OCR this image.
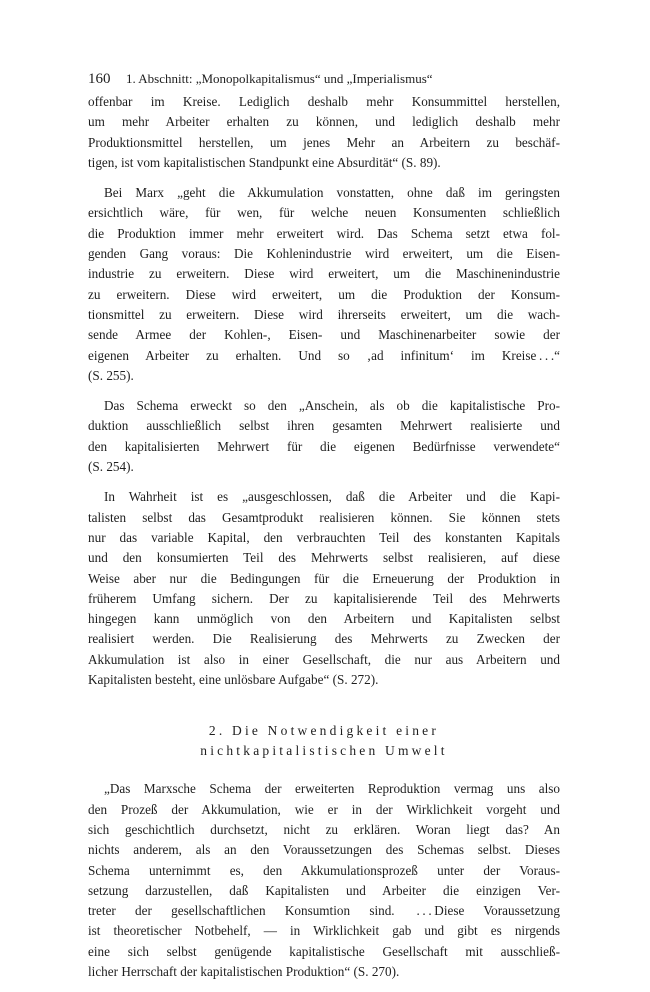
160 1. Abschnitt: „Monopolkapitalismus“ und „Imperialismus“
offenbar im Kreise. Lediglich deshalb mehr Konsummittel herstellen,
um mehr Arbeiter erhalten zu können, und lediglich deshalb mehr
Produktionsmittel herstellen, um jenes Mehr an Arbeitern zu beschäf-
tigen, ist vom kapitalistischen Standpunkt eine Absurdität“ (S. 89).
Bei Marx „geht die Akkumulation vonstatten, ohne daß im geringsten
ersichtlich wäre, für wen, für welche neuen Konsumenten schließlich
die Produktion immer mehr erweitert wird. Das Schema setzt etwa fol-
genden Gang voraus: Die Kohlenindustrie wird erweitert, um die Eisen-
industrie zu erweitern. Diese wird erweitert, um die Maschinenindustrie
zu erweitern. Diese wird erweitert, um die Produktion der Konsum-
tionsmittel zu erweitern. Diese wird ihrerseits erweitert, um die wach-
sende Armee der Kohlen-, Eisen- und Maschinenarbeiter sowie der
eigenen Arbeiter zu erhalten. Und so ‚ad infinitum‘ im Kreise . . .“
(S. 255).
Das Schema erweckt so den „Anschein, als ob die kapitalistische Pro-
duktion ausschließlich selbst ihren gesamten Mehrwert realisierte und
den kapitalisierten Mehrwert für die eigenen Bedürfnisse verwendete“
(S. 254).
In Wahrheit ist es „ausgeschlossen, daß die Arbeiter und die Kapi-
talisten selbst das Gesamtprodukt realisieren können. Sie können stets
nur das variable Kapital, den verbrauchten Teil des konstanten Kapitals
und den konsumierten Teil des Mehrwerts selbst realisieren, auf diese
Weise aber nur die Bedingungen für die Erneuerung der Produktion in
früherem Umfang sichern. Der zu kapitalisierende Teil des Mehrwerts
hingegen kann unmöglich von den Arbeitern und Kapitalisten selbst
realisiert werden. Die Realisierung des Mehrwerts zu Zwecken der
Akkumulation ist also in einer Gesellschaft, die nur aus Arbeitern und
Kapitalisten besteht, eine unlösbare Aufgabe“ (S. 272).
2. Die Notwendigkeit einer
nichtkapitalistischen Umwelt
„Das Marxsche Schema der erweiterten Reproduktion vermag uns also
den Prozeß der Akkumulation, wie er in der Wirklichkeit vorgeht und
sich geschichtlich durchsetzt, nicht zu erklären. Woran liegt das? An
nichts anderem, als an den Voraussetzungen des Schemas selbst. Dieses
Schema unternimmt es, den Akkumulationsprozeß unter der Voraus-
setzung darzustellen, daß Kapitalisten und Arbeiter die einzigen Ver-
treter der gesellschaftlichen Konsumtion sind.  . . . Diese Voraussetzung
ist theoretischer Notbehelf, — in Wirklichkeit gab und gibt es nirgends
eine sich selbst genügende kapitalistische Gesellschaft mit ausschließ-
licher Herrschaft der kapitalistischen Produktion“ (S. 270).
